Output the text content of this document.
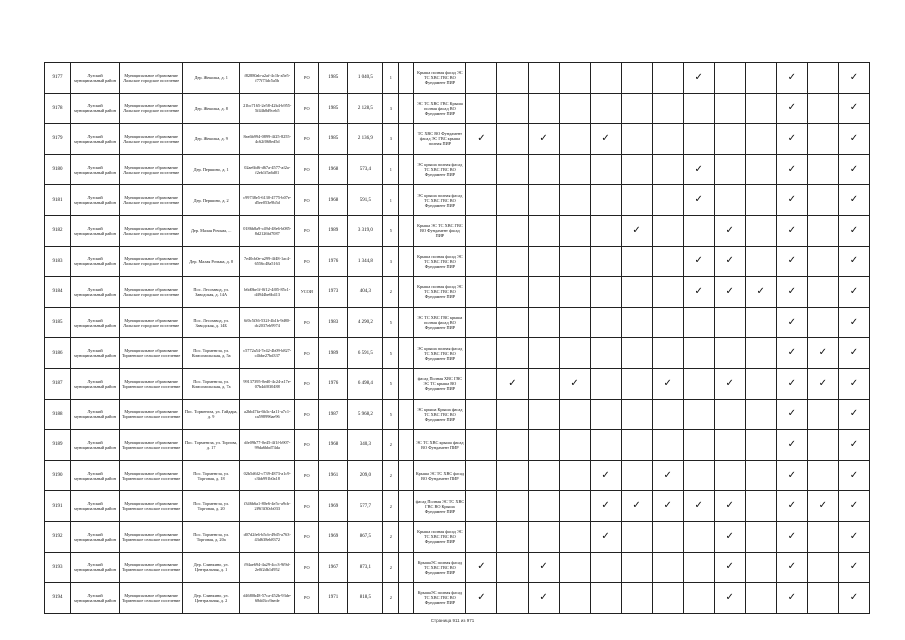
9177	Лузский муниципальный район	Муниципальное образование Лальское городское поселение	Дер. Жеколка, д. 1	f82880ab-a2af-4c1b-a5e5-f77f73dc5a5b	РО	1985	1 040,5	1		Крыша полная фасад ЭС ТС ХВС ГВС ВО Фундамент ПИР								✓			✓		✓
9178	Лузский муниципальный район	Муниципальное образование Лальское городское поселение	Дер. Жеколка, д. 8	21bc7165-2e58-42b4-b955-5f44b8d9ceb5	РО	1985	2 128,5	3		ЭС ТС ХВС ГВС Крыша полная фасад ВО Фундамент ПИР											✓		✓
9179	Лузский муниципальный район	Муниципальное образование Лальское городское поселение	Дер. Жеколка, д. 9	8ea6b994-0899-4f25-8255-4c62f068ed5d	РО	1985	2 136,9	3		ТС ХВС ВО Фундамент фасад ЭС ГВС крыша полная ПИР	✓		✓		✓						✓		✓
9180	Лузский муниципальный район	Муниципальное образование Лальское городское поселение	Дер. Першино, д. 1	02ae6bf6-d67a-4577-af2a-f2eb1f5a6d01	РО	1968	573,4	1		ЭС крыша полная фасад ТС ХВС ГВС ВО Фундамент ПИР								✓			✓		✓
9181	Лузский муниципальный район	Муниципальное образование Лальское городское поселение	Дер. Першино, д. 2	c99738e5-6130-4775-b07e-d5ee053e9b5d	РО	1968	591,5	1		ЭС крыша полная фасад ТС ХВС ГВС ВО Фундамент ПИР								✓			✓		✓
9182	Лузский муниципальный район	Муниципальное образование Лальское городское поселение	Дер. Малая Рочьма, ...	0186b8a9-c49d-48e6-b085-8d2126bf7087	РО	1989	3 319,0	5		Крыша ЭС ТС ХВС ГВС ВО Фундамент фасад ПИР						✓			✓		✓		✓
9183	Лузский муниципальный район	Муниципальное образование Лальское городское поселение	Дер. Малая Рочьма, д. 8	7e40cb0e-a299-4f48-1ac4-6556c48a5163	РО	1976	1 344,8	3		Крыша полная фасад ЭС ТС ХВС ГВС ВО Фундамент ПИР								✓	✓		✓		✓
9184	Лузский муниципальный район	Муниципальное образование Лальское городское поселение	Пос. Лесозавод, ул. Заводская, д. 14А	b6d0be1f-0f12-4f05-85c1-d4944be6b413	УСОИ	1973	404,3	2		Крыша полная фасад ЭС ТС ХВС ГВС ВО Фундамент ПИР								✓	✓	✓	✓		✓
9185	Лузский муниципальный район	Муниципальное образование Лальское городское поселение	Пос. Лесозавод, ул. Заводская, д. 14Б	6f0c5f36-532f-4b1b-9d80-dc2037eb9974	РО	1983	4 290,2	5		ЭС ТС ХВС ГВС крыша полная фасад ВО Фундамент ПИР											✓		✓
9186	Лузский муниципальный район	Муниципальное образование Торменское сельское поселение	Пос. Торменгла, ул. Комсомольская, д. 5а	c5772a54-7e42-4b09-b827-c4bbe27bd337	РО	1989	6 591,5	5		ЭС крыша полная фасад ТС ХВС ГВС ВО Фундамент ПИР											✓	✓	✓
9187	Лузский муниципальный район	Муниципальное образование Торменское сельское поселение	Пос. Торменгла, ул. Комсомольская, д. 7а	99137395-0ed0-4c24-a17e-07b4df030488	РО	1976	6 498,4	5		фасад Полная ХВС ГВС ЭС ТС крыша ВО Фундамент ПИР		✓		✓			✓		✓		✓	✓	✓
9188	Лузский муниципальный район	Муниципальное образование Торменское сельское поселение	Пос. Торменгла, ул. Гайдара, д. 9	a2bb47fa-6b3c-4a11-a7c1-ca598996ae96	РО	1987	5 968,2	5		ЭС крыша Крыша фасад ТС ХВС ГВС ВО Фундамент ПИР											✓		✓
9189	Лузский муниципальный район	Муниципальное образование Торменское сельское поселение	Пос. Торменгла, ул. Торгова, д. 17	dfe09b77-0e45-4f1f-b907-99da6bbd74da	РО	1968	340,3	2		ЭС ТС ХВС крыша фасад ВО Фундамент ПИР											✓		✓
9190	Лузский муниципальный район	Муниципальное образование Торменское сельское поселение	Пос. Торменгла, ул. Торговая, д. 18	02b5d6f2-c739-4873-a1c9-c3bb991b0a18	РО	1961	209,0	2		Крыша ЭС ТС ХВС фасад ВО Фундамент ПИР					✓		✓				✓		✓
9191	Лузский муниципальный район	Муниципальное образование Торменское сельское поселение	Пос. Торменгла, ул. Торговая, д. 20	f346b6a1-80e6-4e5c-a9cb-2f9f3f30cb033	РО	1969	577,7	2		фасад Полная ЭС ТС ХВС ГВС ВО Крыша Фундамент ПИР					✓	✓	✓	✓	✓		✓	✓	✓
9192	Лузский муниципальный район	Муниципальное образование Торменское сельское поселение	Пос. Торменгла, ул. Торговая, д. 20а	d07d2fe6-b5cb-49d5-a763-43d638eb8372	РО	1969	867,5	2		Крыша полная фасад ЭС ТС ХВС ГВС ВО Фундамент ПИР					✓				✓		✓		✓
9193	Лузский муниципальный район	Муниципальное образование Торменское сельское поселение	Дер. Слинкино, ул. Центральная, д. 1	f94ae694-4a29-4cc3-9f9d-2e0f2db1d952	РО	1967	873,1	2		КрышаЭС полная фасад ТС ХВС ГВС ВО Фундамент ПИР	✓		✓						✓		✓		✓
9194	Лузский муниципальный район	Муниципальное образование Торменское сельское поселение	Дер. Слинкино, ул. Центральная, д. 2	d4680b48-57ca-452b-93de-68dd3cc9aede	РО	1971	818,5	2		КрышаЭС полная фасад ТС ХВС ГВС ВО Фундамент ПИР	✓		✓						✓		✓		✓
Страница 911 из 971
